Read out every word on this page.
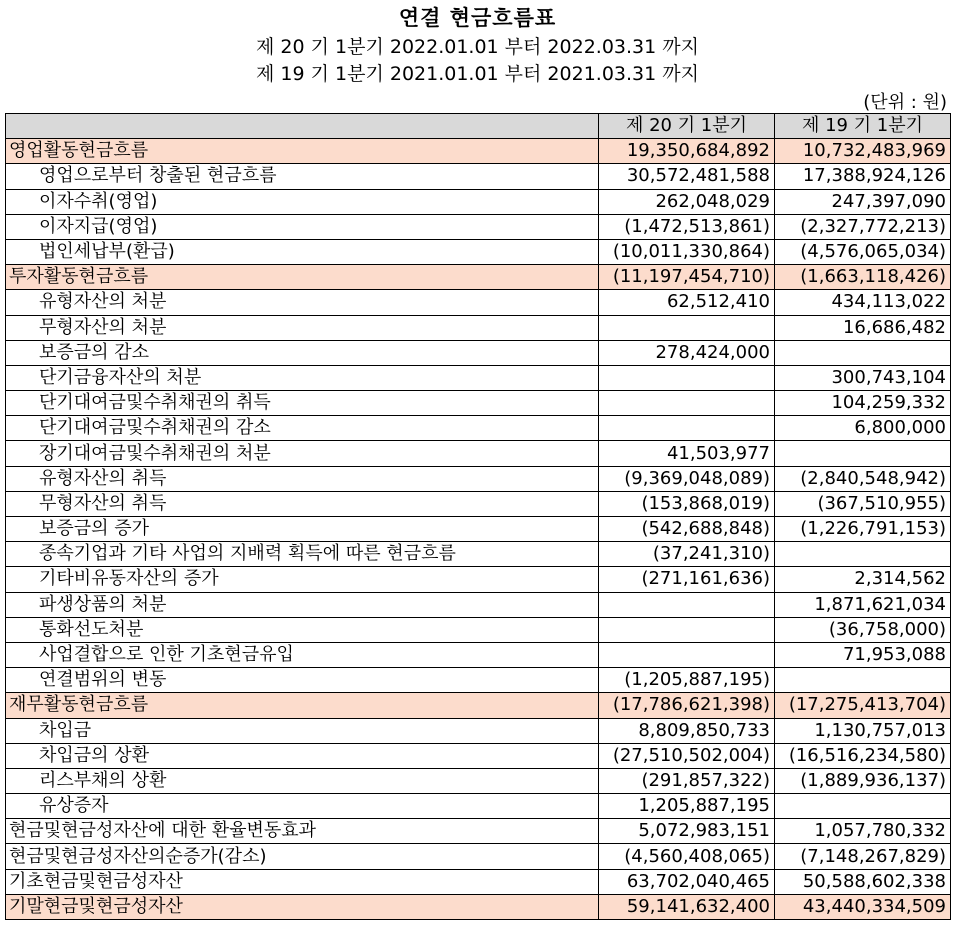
연결 현금흐름표
제 20 기 1분기 2022.01.01 부터 2022.03.31 까지
제 19 기 1분기 2021.01.01 부터 2021.03.31 까지
(단위 : 원)
	제 20 기 1분기	제 19 기 1분기
영업활동현금흐름	19,350,684,892	10,732,483,969
영업으로부터 창출된 현금흐름	30,572,481,588	17,388,924,126
이자수취(영업)	262,048,029	247,397,090
이자지급(영업)	(1,472,513,861)	(2,327,772,213)
법인세납부(환급)	(10,011,330,864)	(4,576,065,034)
투자활동현금흐름	(11,197,454,710)	(1,663,118,426)
유형자산의 처분	62,512,410	434,113,022
무형자산의 처분		16,686,482
보증금의 감소	278,424,000	
단기금융자산의 처분		300,743,104
단기대여금및수취채권의 취득		104,259,332
단기대여금및수취채권의 감소		6,800,000
장기대여금및수취채권의 처분	41,503,977	
유형자산의 취득	(9,369,048,089)	(2,840,548,942)
무형자산의 취득	(153,868,019)	(367,510,955)
보증금의 증가	(542,688,848)	(1,226,791,153)
종속기업과 기타 사업의 지배력 획득에 따른 현금흐름	(37,241,310)	
기타비유동자산의 증가	(271,161,636)	2,314,562
파생상품의 처분		1,871,621,034
통화선도처분		(36,758,000)
사업결합으로 인한 기초현금유입		71,953,088
연결범위의 변동	(1,205,887,195)	
재무활동현금흐름	(17,786,621,398)	(17,275,413,704)
차입금	8,809,850,733	1,130,757,013
차입금의 상환	(27,510,502,004)	(16,516,234,580)
리스부채의 상환	(291,857,322)	(1,889,936,137)
유상증자	1,205,887,195	
현금및현금성자산에 대한 환율변동효과	5,072,983,151	1,057,780,332
현금및현금성자산의순증가(감소)	(4,560,408,065)	(7,148,267,829)
기초현금및현금성자산	63,702,040,465	50,588,602,338
기말현금및현금성자산	59,141,632,400	43,440,334,509
